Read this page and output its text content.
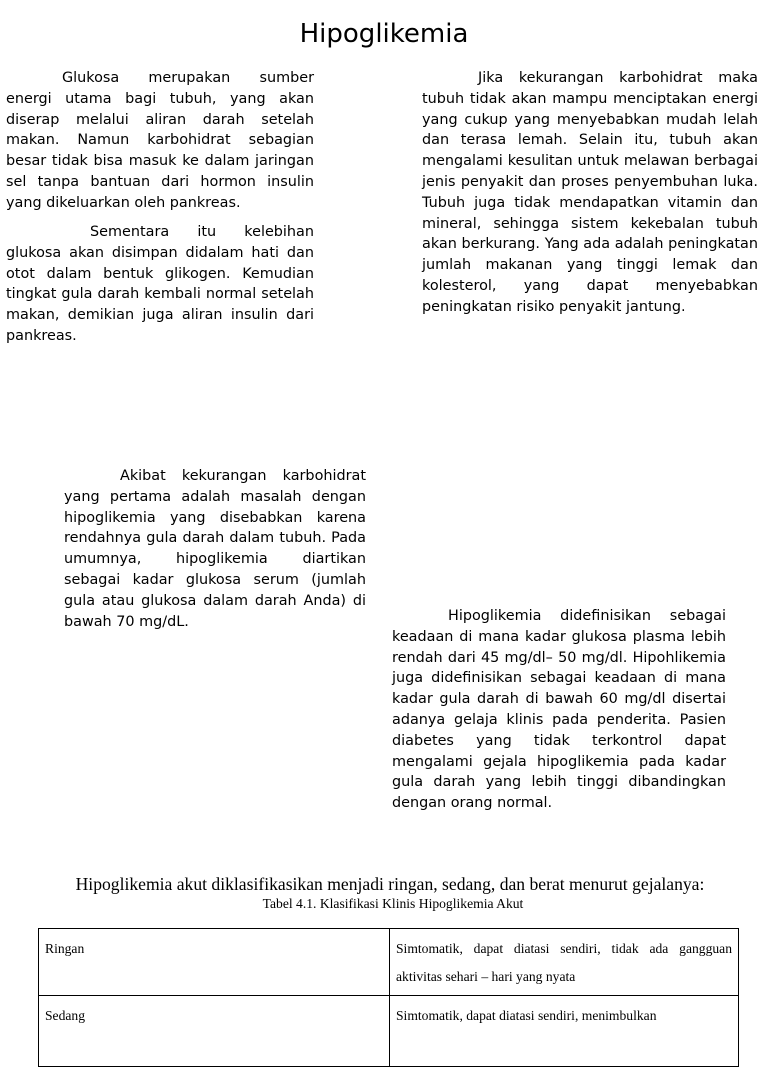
Hipoglikemia

Glukosa merupakan sumber energi utama bagi tubuh, yang akan diserap melalui aliran darah setelah makan. Namun karbohidrat sebagian besar tidak bisa masuk ke dalam jaringan sel tanpa bantuan dari hormon insulin yang dikeluarkan oleh pankreas.

Sementara itu kelebihan glukosa akan disimpan didalam hati dan otot dalam bentuk glikogen. Kemudian tingkat gula darah kembali normal setelah makan, demikian juga aliran insulin dari pankreas.

Jika kekurangan karbohidrat maka tubuh tidak akan mampu menciptakan energi yang cukup yang menyebabkan mudah lelah dan terasa lemah. Selain itu, tubuh akan mengalami kesulitan untuk melawan berbagai jenis penyakit dan proses penyembuhan luka. Tubuh juga tidak mendapatkan vitamin dan mineral, sehingga sistem kekebalan tubuh akan berkurang. Yang ada adalah peningkatan jumlah makanan yang tinggi lemak dan kolesterol, yang dapat menyebabkan peningkatan risiko penyakit jantung.

Akibat kekurangan karbohidrat yang pertama adalah masalah dengan hipoglikemia yang disebabkan karena rendahnya gula darah dalam tubuh. Pada umumnya, hipoglikemia diartikan sebagai kadar glukosa serum (jumlah gula atau glukosa dalam darah Anda) di bawah 70 mg/dL.	Hipoglikemia didefinisikan sebagai keadaan di mana kadar glukosa plasma lebih rendah dari 45 mg/dl– 50 mg/dl. Hipohlikemia juga didefinisikan sebagai keadaan di mana kadar gula darah di bawah 60 mg/dl disertai adanya gelaja klinis pada penderita. Pasien diabetes yang tidak terkontrol dapat mengalami gejala hipoglikemia pada kadar gula darah yang lebih tinggi dibandingkan dengan orang normal.

Hipoglikemia akut diklasifikasikan menjadi ringan, sedang, dan berat menurut gejalanya:

Tabel 4.1. Klasifikasi Klinis Hipoglikemia Akut

Ringan	Simtomatik, dapat diatasi sendiri, tidak ada gangguan aktivitas sehari – hari yang nyata
Sedang	Simtomatik, dapat diatasi sendiri, menimbulkan
